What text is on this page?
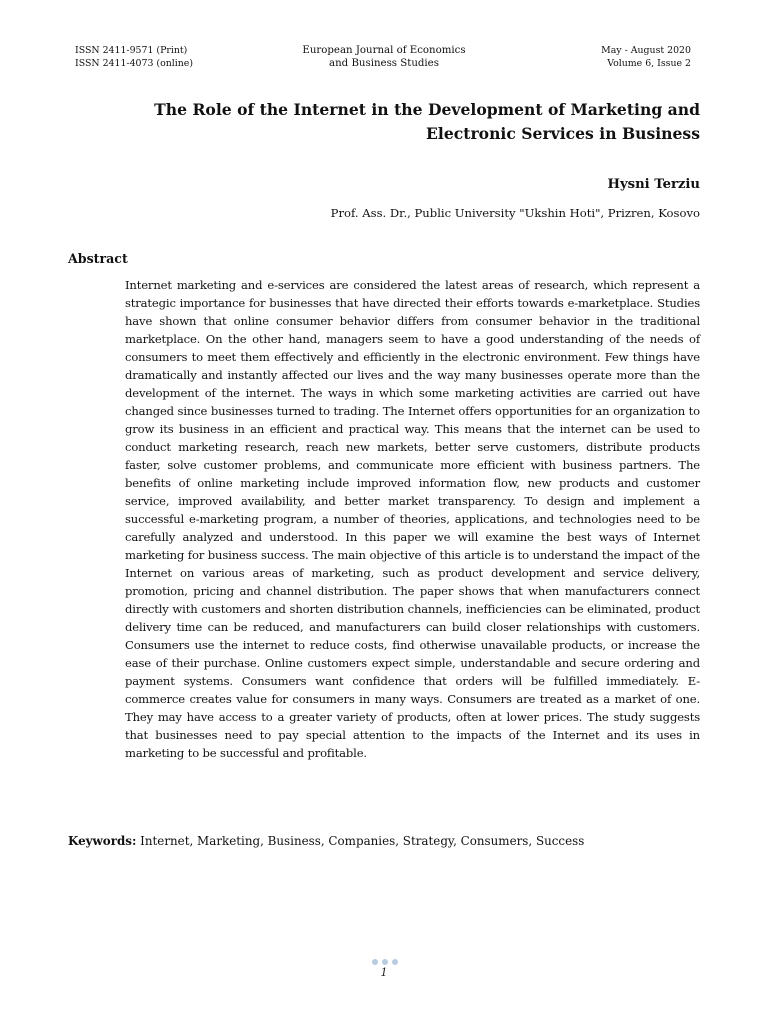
ISSN 2411-9571 (Print)
ISSN 2411-4073 (online)
European Journal of Economics
and Business Studies
May - August 2020
Volume 6, Issue 2
The Role of the Internet in the Development of Marketing and
Electronic Services in Business
Hysni Terziu
Prof. Ass. Dr., Public University "Ukshin Hoti", Prizren, Kosovo
Abstract

Internet marketing and e-services are considered the latest areas of research, which represent a strategic importance for businesses that have directed their efforts towards e-marketplace. Studies have shown that online consumer behavior differs from consumer behavior in the traditional marketplace. On the other hand, managers seem to have a good understanding of the needs of consumers to meet them effectively and efficiently in the electronic environment. Few things have dramatically and instantly affected our lives and the way many businesses operate more than the development of the internet. The ways in which some marketing activities are carried out have changed since businesses turned to trading. The Internet offers opportunities for an organization to grow its business in an efficient and practical way. This means that the internet can be used to conduct marketing research, reach new markets, better serve customers, distribute products faster, solve customer problems, and communicate more efficient with business partners. The benefits of online marketing include improved information flow, new products and customer service, improved availability, and better market transparency. To design and implement a successful e-marketing program, a number of theories, applications, and technologies need to be carefully analyzed and understood. In this paper we will examine the best ways of Internet marketing for business success. The main objective of this article is to understand the impact of the Internet on various areas of marketing, such as product development and service delivery, promotion, pricing and channel distribution. The paper shows that when manufacturers connect directly with customers and shorten distribution channels, inefficiencies can be eliminated, product delivery time can be reduced, and manufacturers can build closer relationships with customers. Consumers use the internet to reduce costs, find otherwise unavailable products, or increase the ease of their purchase. Online customers expect simple, understandable and secure ordering and payment systems. Consumers want confidence that orders will be fulfilled immediately. E- commerce creates value for consumers in many ways. Consumers are treated as a market of one. They may have access to a greater variety of products, often at lower prices. The study suggests that businesses need to pay special attention to the impacts of the Internet and its uses in marketing to be successful and profitable.

Keywords: Internet, Marketing, Business, Companies, Strategy, Consumers, Success

1
